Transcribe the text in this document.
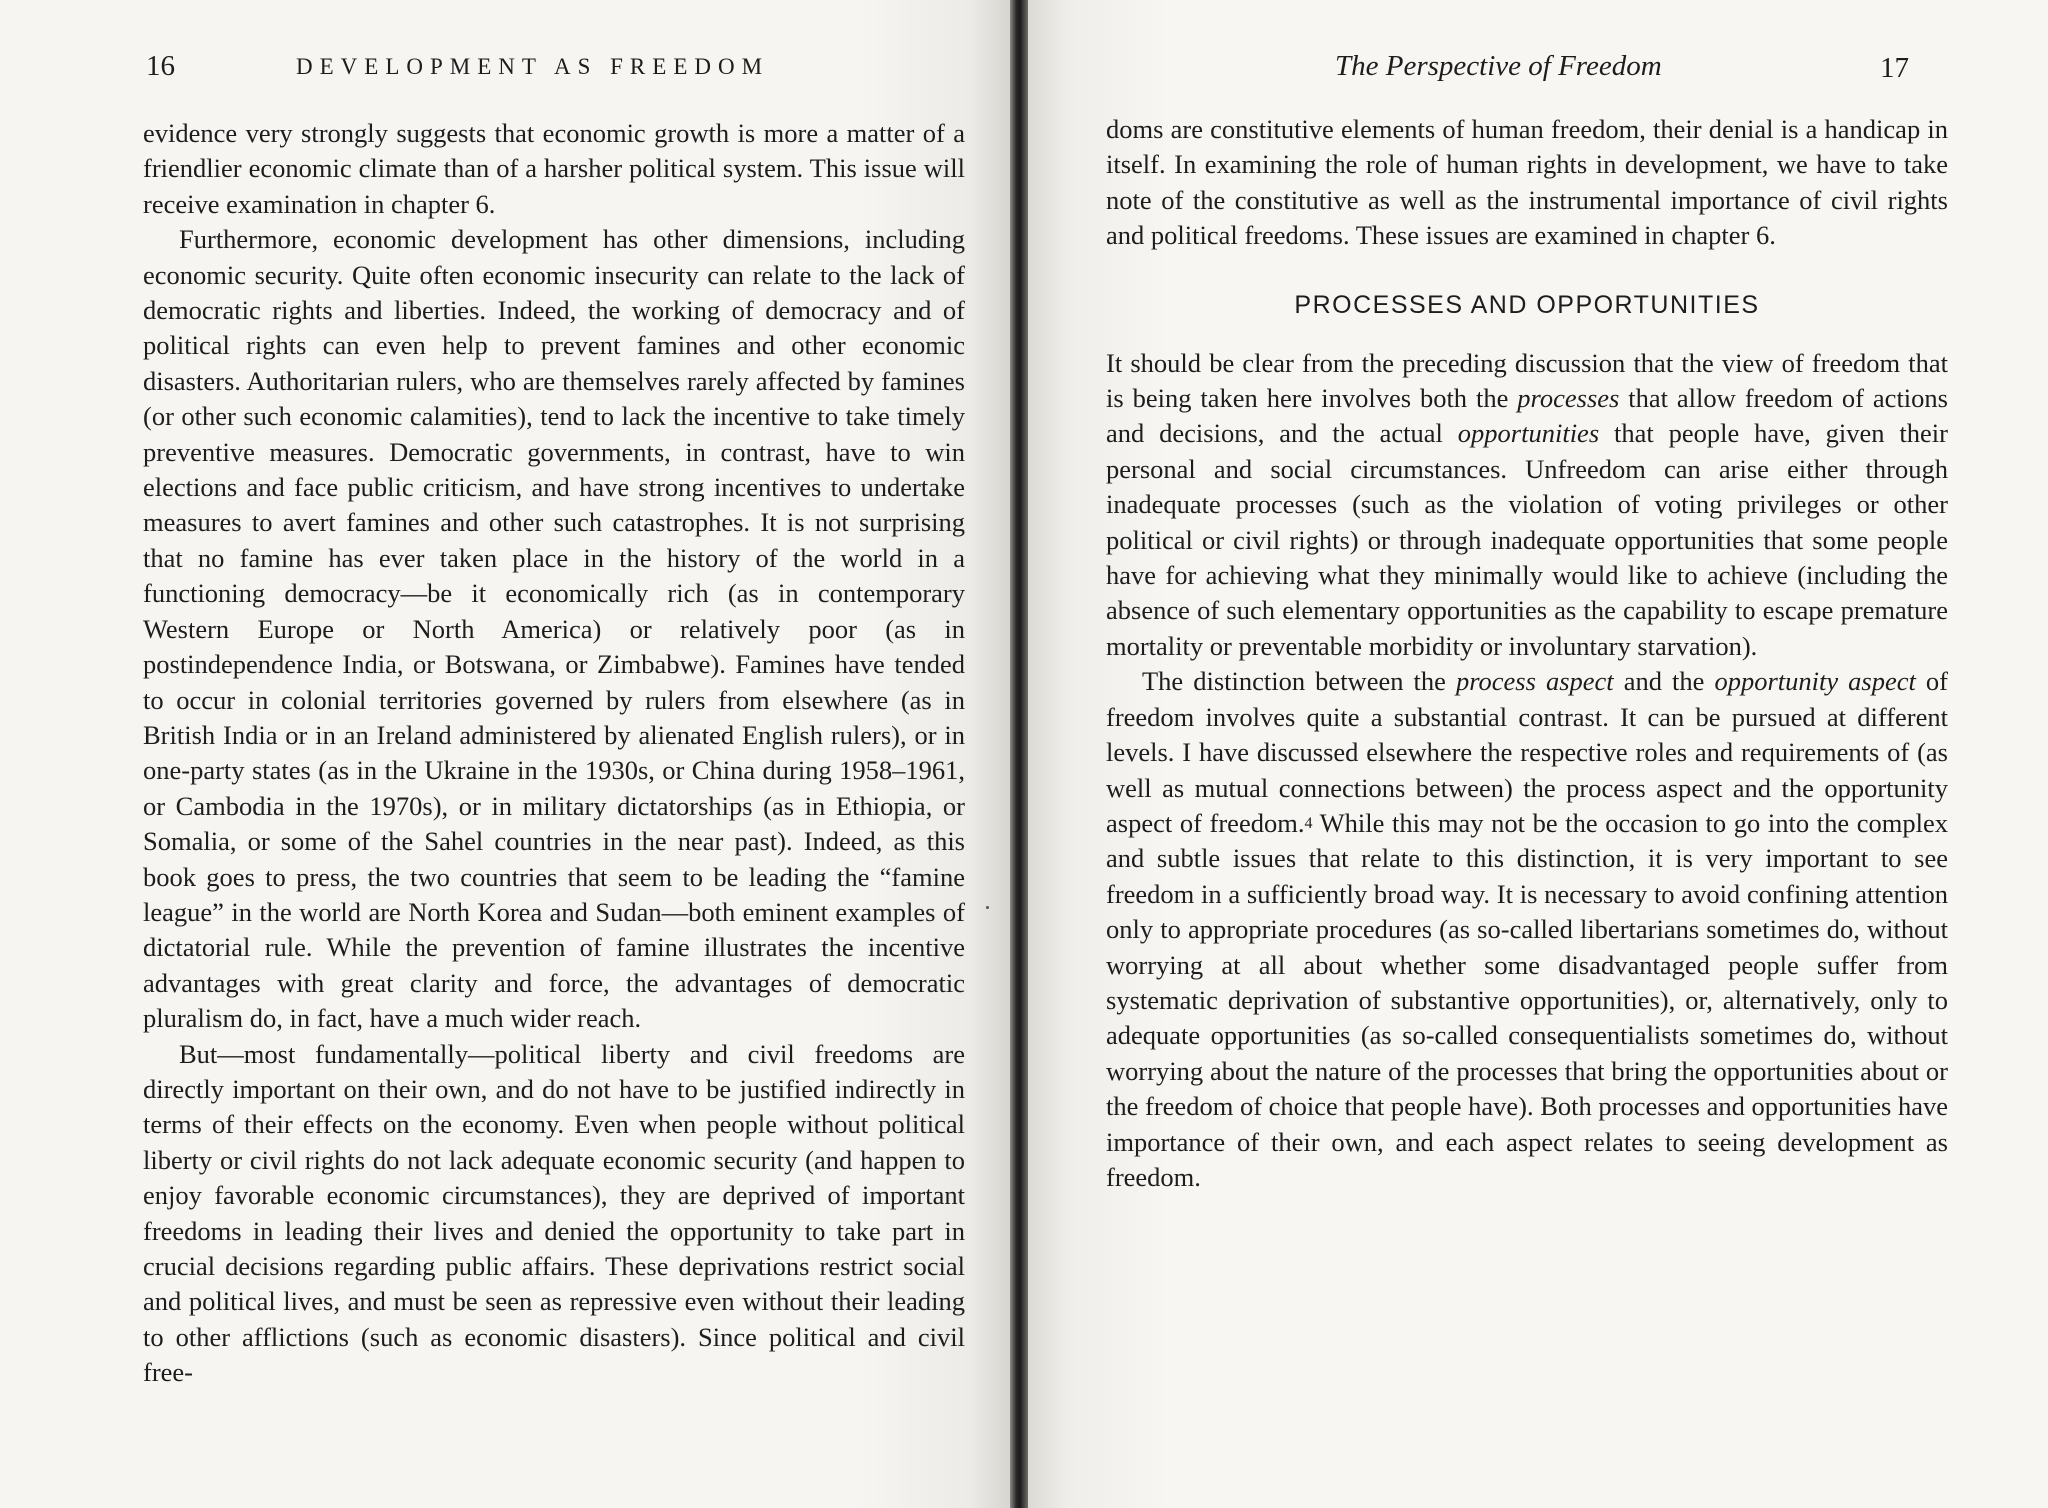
16	DEVELOPMENT AS FREEDOM

evidence very strongly suggests that economic growth is more a matter of a friendlier economic climate than of a harsher political system. This issue will receive examination in chapter 6.

Furthermore, economic development has other dimensions, including economic security. Quite often economic insecurity can relate to the lack of democratic rights and liberties. Indeed, the working of democracy and of political rights can even help to prevent famines and other economic disasters. Authoritarian rulers, who are themselves rarely affected by famines (or other such economic calamities), tend to lack the incentive to take timely preventive measures. Democratic governments, in contrast, have to win elections and face public criticism, and have strong incentives to undertake measures to avert famines and other such catastrophes. It is not surprising that no famine has ever taken place in the history of the world in a functioning democracy—be it economically rich (as in contemporary Western Europe or North America) or relatively poor (as in postindependence India, or Botswana, or Zimbabwe). Famines have tended to occur in colonial territories governed by rulers from elsewhere (as in British India or in an Ireland administered by alienated English rulers), or in one-party states (as in the Ukraine in the 1930s, or China during 1958–1961, or Cambodia in the 1970s), or in military dictatorships (as in Ethiopia, or Somalia, or some of the Sahel countries in the near past). Indeed, as this book goes to press, the two countries that seem to be leading the “famine league” in the world are North Korea and Sudan—both eminent examples of dictatorial rule. While the prevention of famine illustrates the incentive advantages with great clarity and force, the advantages of democratic pluralism do, in fact, have a much wider reach.

But—most fundamentally—political liberty and civil freedoms are directly important on their own, and do not have to be justified indirectly in terms of their effects on the economy. Even when people without political liberty or civil rights do not lack adequate economic security (and happen to enjoy favorable economic circumstances), they are deprived of important freedoms in leading their lives and denied the opportunity to take part in crucial decisions regarding public affairs. These deprivations restrict social and political lives, and must be seen as repressive even without their leading to other afflictions (such as economic disasters). Since political and civil free-

The Perspective of Freedom	17

doms are constitutive elements of human freedom, their denial is a handicap in itself. In examining the role of human rights in development, we have to take note of the constitutive as well as the instrumental importance of civil rights and political freedoms. These issues are examined in chapter 6.

PROCESSES AND OPPORTUNITIES

It should be clear from the preceding discussion that the view of freedom that is being taken here involves both the processes that allow freedom of actions and decisions, and the actual opportunities that people have, given their personal and social circumstances. Unfreedom can arise either through inadequate processes (such as the violation of voting privileges or other political or civil rights) or through inadequate opportunities that some people have for achieving what they minimally would like to achieve (including the absence of such elementary opportunities as the capability to escape premature mortality or preventable morbidity or involuntary starvation).

The distinction between the process aspect and the opportunity aspect of freedom involves quite a substantial contrast. It can be pursued at different levels. I have discussed elsewhere the respective roles and requirements of (as well as mutual connections between) the process aspect and the opportunity aspect of freedom.4 While this may not be the occasion to go into the complex and subtle issues that relate to this distinction, it is very important to see freedom in a sufficiently broad way. It is necessary to avoid confining attention only to appropriate procedures (as so-called libertarians sometimes do, without worrying at all about whether some disadvantaged people suffer from systematic deprivation of substantive opportunities), or, alternatively, only to adequate opportunities (as so-called consequentialists sometimes do, without worrying about the nature of the processes that bring the opportunities about or the freedom of choice that people have). Both processes and opportunities have importance of their own, and each aspect relates to seeing development as freedom.
